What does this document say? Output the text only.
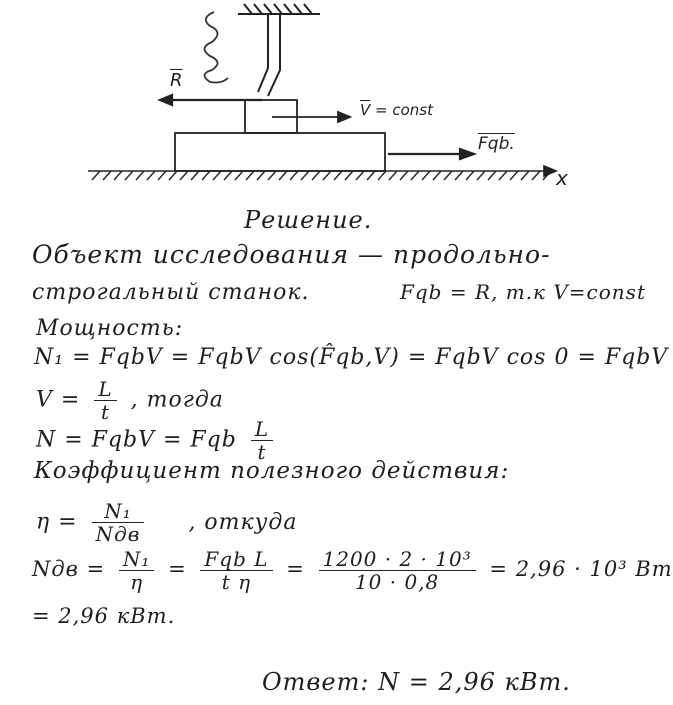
$\overline{R}$
$\overline{V}$ = const
Fqb.
x
Решение.
Объект исследования — продольно-
строгальный станок.	Fqb = R, т.к V=const
Мощность:
N₁ = FqbV = FqbV cos(F̂qb,V) = FqbV cos 0 = FqbV
$V = \frac{L}{t}$ , тогда
N = FqbV = Fqb $\frac{L}{t}$
Коэффициент полезного действия:
$\eta = \frac{\text{N₁}}{\text{Nдв}}$ , откуда
Nдв = $\frac{\text{N₁}}{\eta} = \frac{\text{Fqb L}}{\text{t η}} = \frac{\text{1200 · 2 · 10³}}{10 \cdot 0,8} = 2,96 \cdot 10^3$ Вт
= 2,96 кВт.
Ответ: N = 2,96 кВт.
